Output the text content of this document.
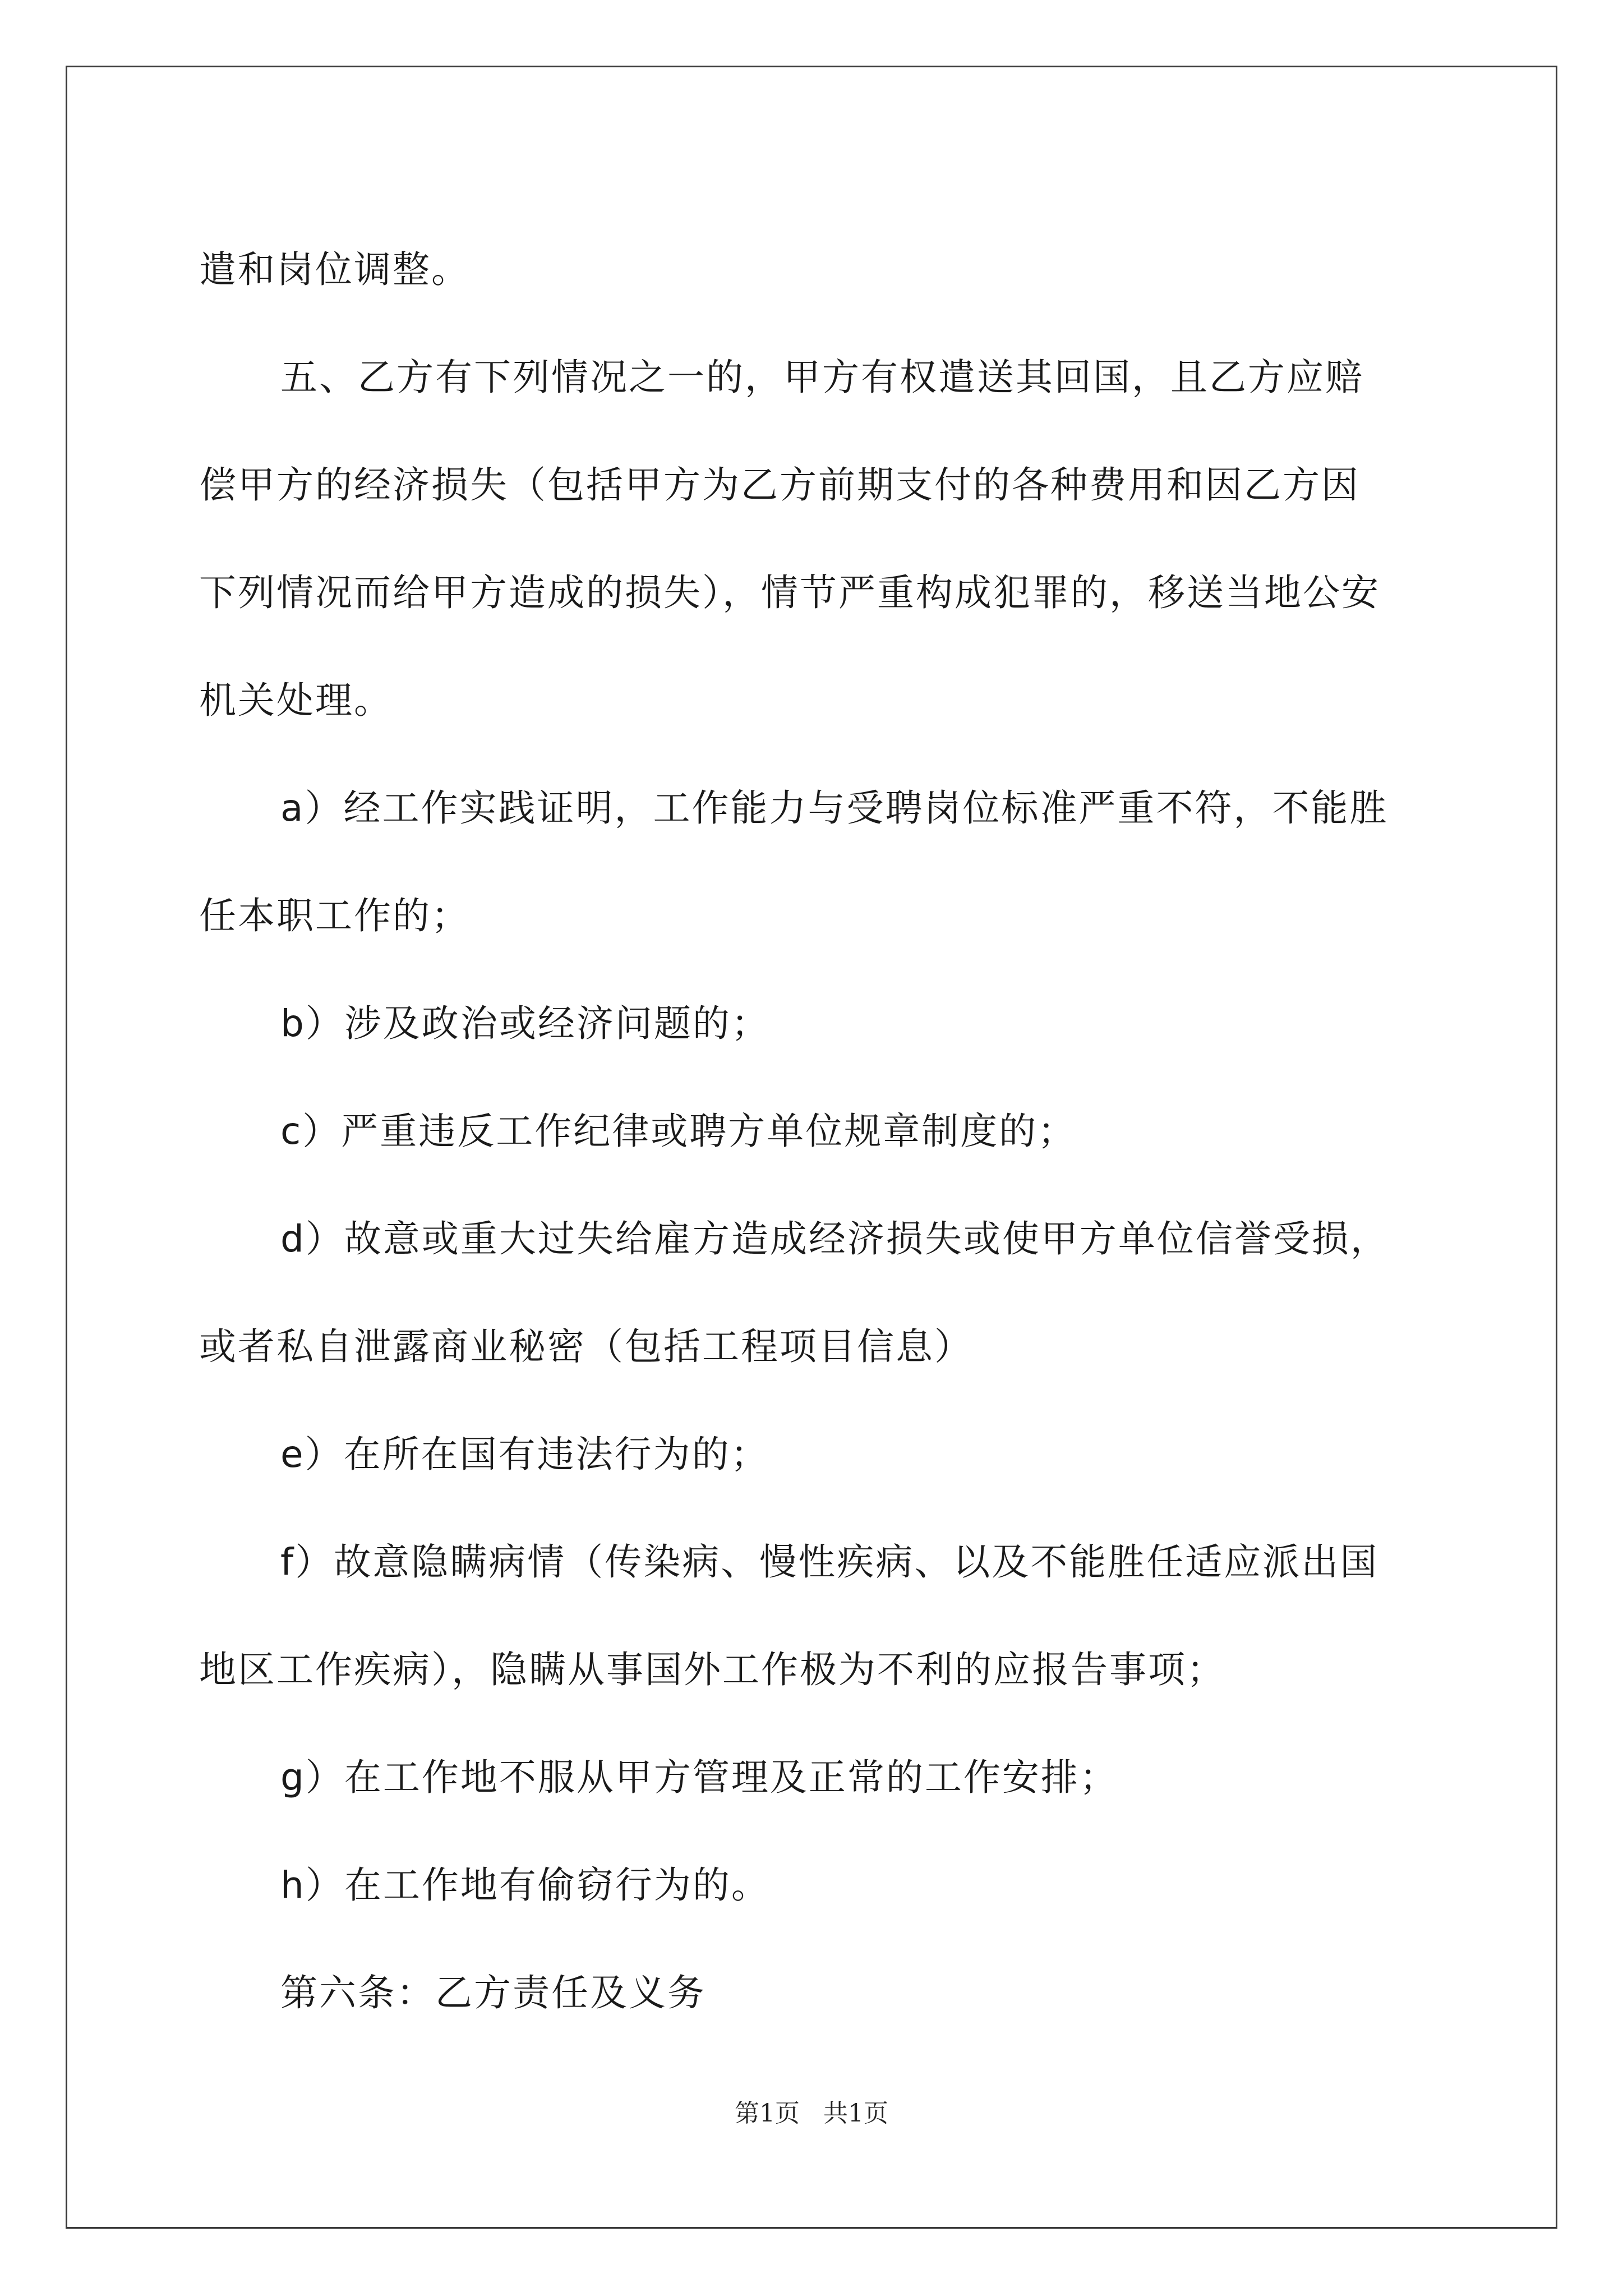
遣和岗位调整。
五、乙方有下列情况之一的，甲方有权遣送其回国，且乙方应赔
偿甲方的经济损失（包括甲方为乙方前期支付的各种费用和因乙方因
下列情况而给甲方造成的损失），情节严重构成犯罪的，移送当地公安
机关处理。
a）经工作实践证明，工作能力与受聘岗位标准严重不符，不能胜
任本职工作的；
b）涉及政治或经济问题的；
c）严重违反工作纪律或聘方单位规章制度的；
d）故意或重大过失给雇方造成经济损失或使甲方单位信誉受损，
或者私自泄露商业秘密（包括工程项目信息）
e）在所在国有违法行为的；
f）故意隐瞒病情（传染病、慢性疾病、以及不能胜任适应派出国
地区工作疾病），隐瞒从事国外工作极为不利的应报告事项；
g）在工作地不服从甲方管理及正常的工作安排；
h）在工作地有偷窃行为的。
第六条：乙方责任及义务
第1页   共1页
